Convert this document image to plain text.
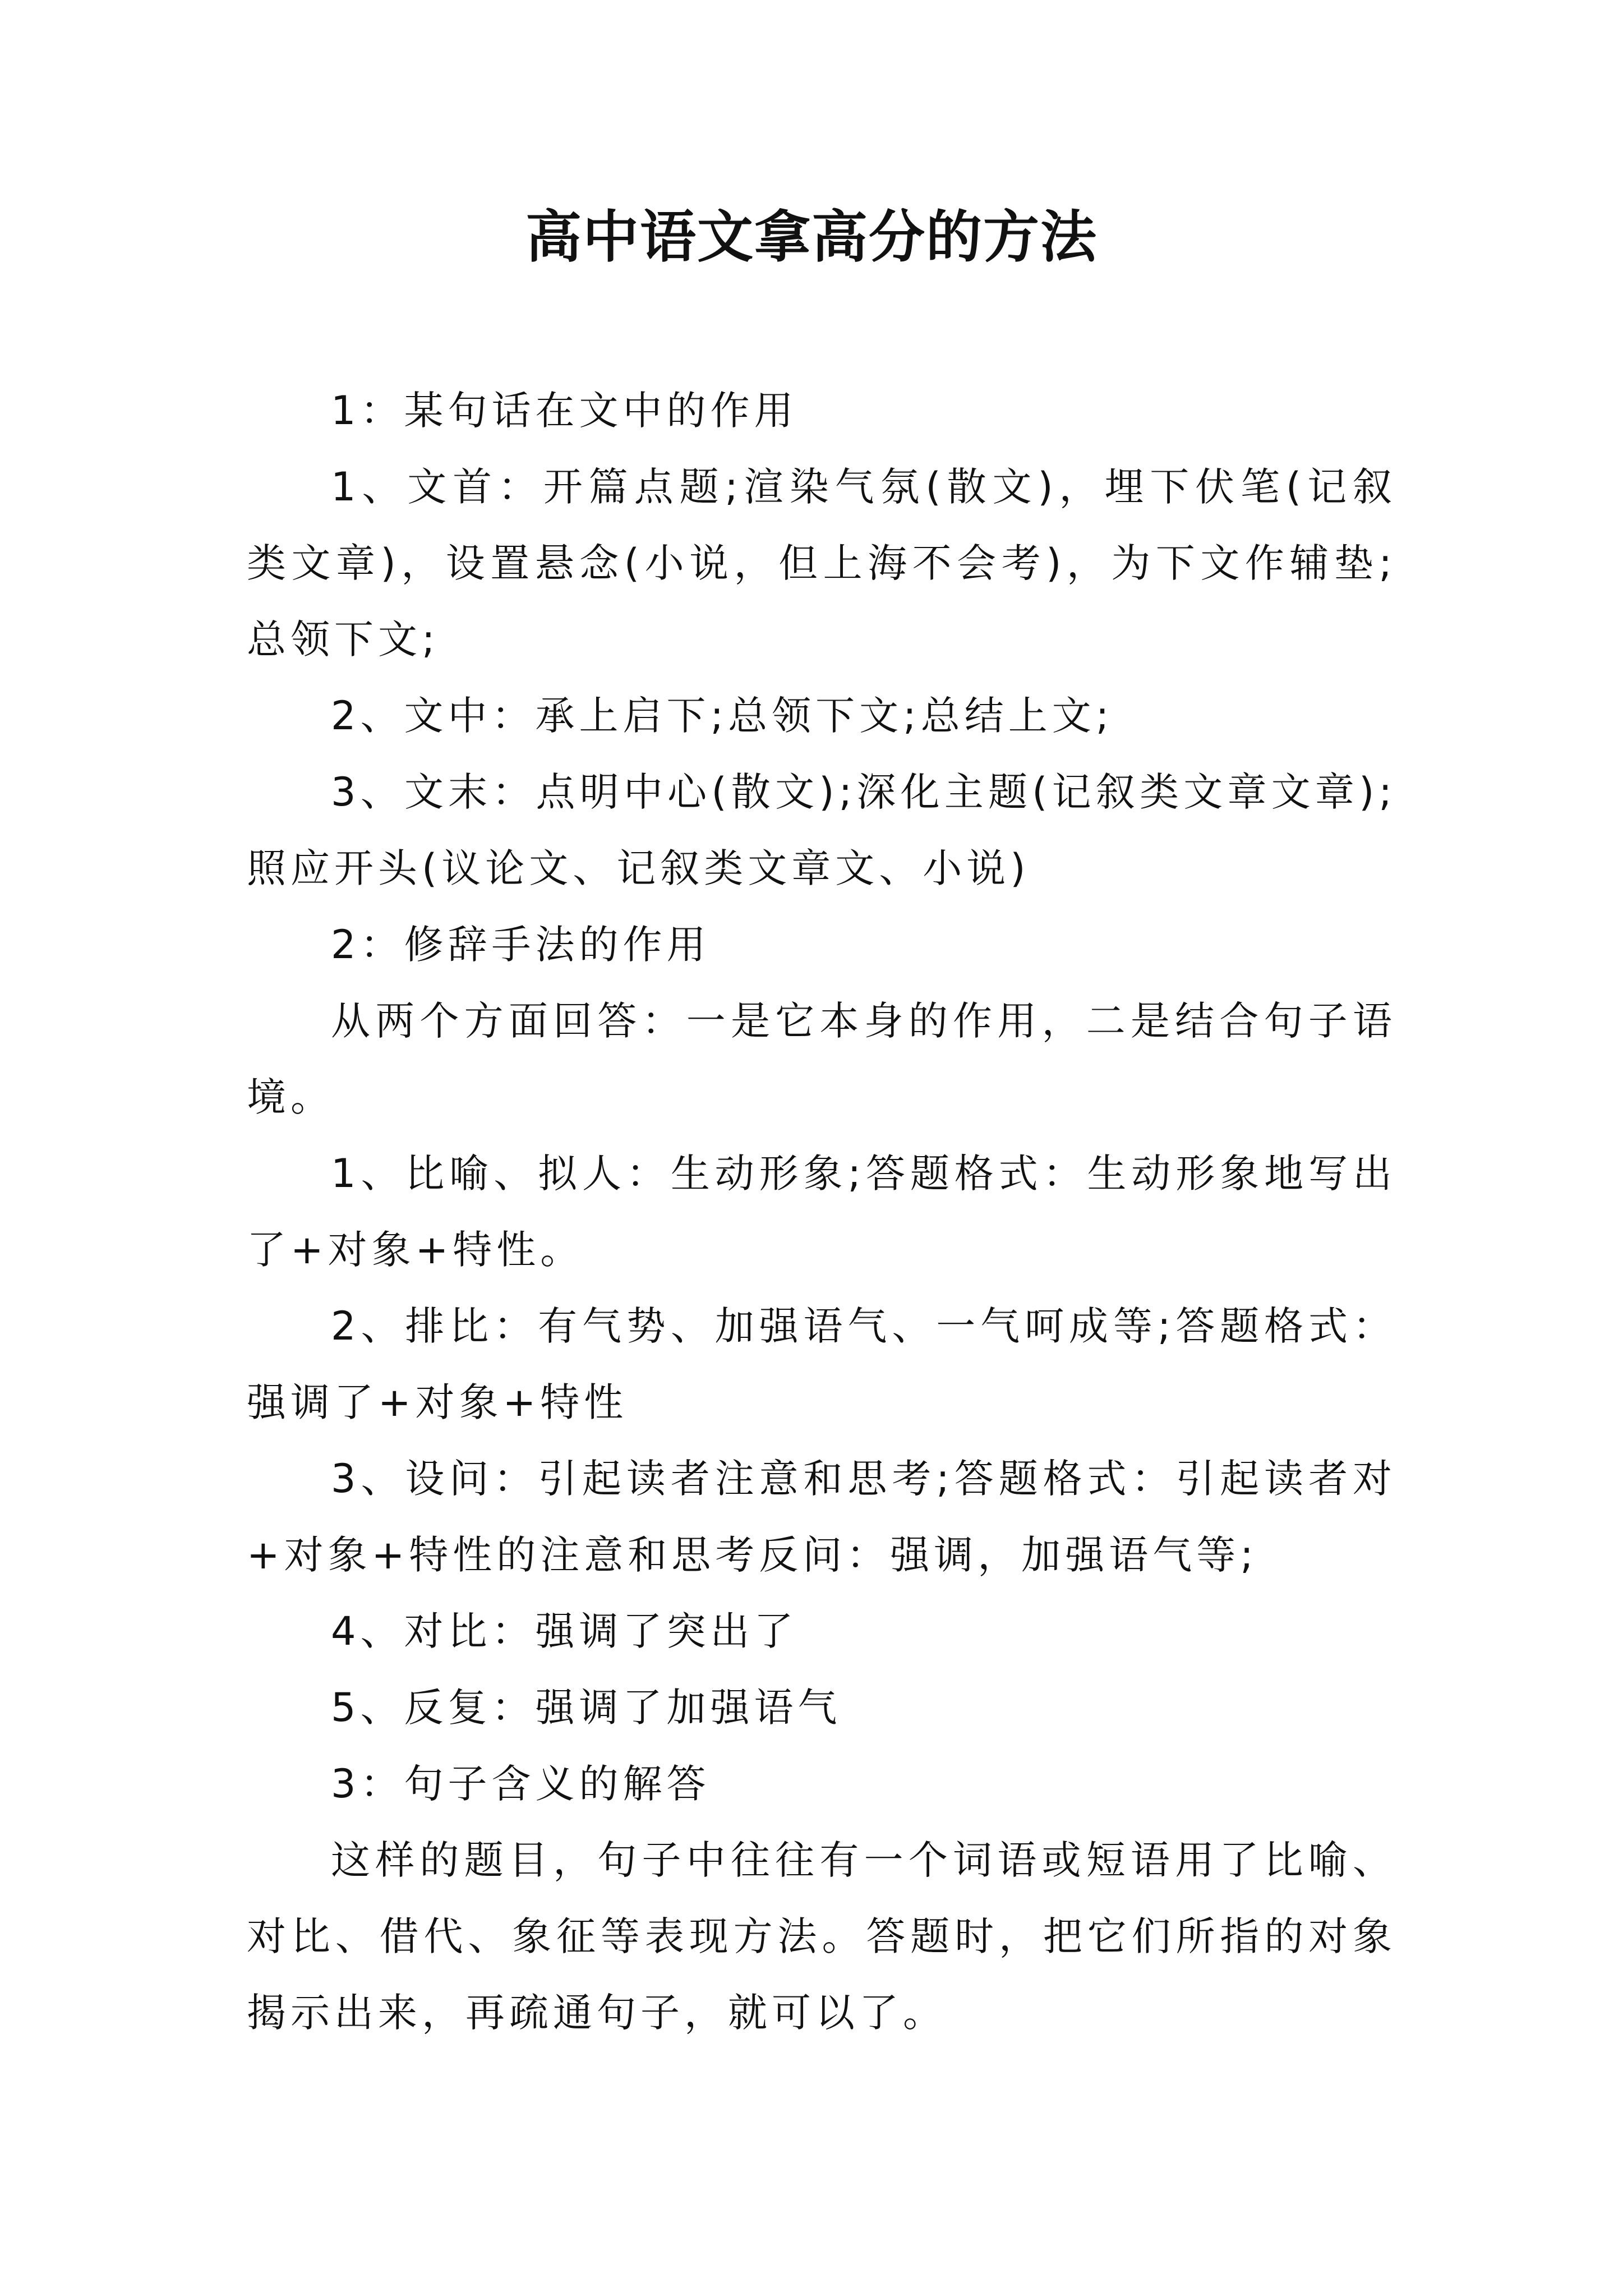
高中语文拿高分的方法

1：某句话在文中的作用

1、文首：开篇点题;渲染气氛(散文)，埋下伏笔(记叙类文章)，设置悬念(小说，但上海不会考)，为下文作辅垫;总领下文;

2、文中：承上启下;总领下文;总结上文;

3、文末：点明中心(散文);深化主题(记叙类文章文章);照应开头(议论文、记叙类文章文、小说)

2：修辞手法的作用

从两个方面回答：一是它本身的作用，二是结合句子语境。

1、比喻、拟人：生动形象;答题格式：生动形象地写出了+对象+特性。

2、排比：有气势、加强语气、一气呵成等;答题格式：强调了+对象+特性

3、设问：引起读者注意和思考;答题格式：引起读者对+对象+特性的注意和思考反问：强调，加强语气等;

4、对比：强调了突出了

5、反复：强调了加强语气

3：句子含义的解答

这样的题目，句子中往往有一个词语或短语用了比喻、对比、借代、象征等表现方法。答题时，把它们所指的对象揭示出来，再疏通句子，就可以了。
